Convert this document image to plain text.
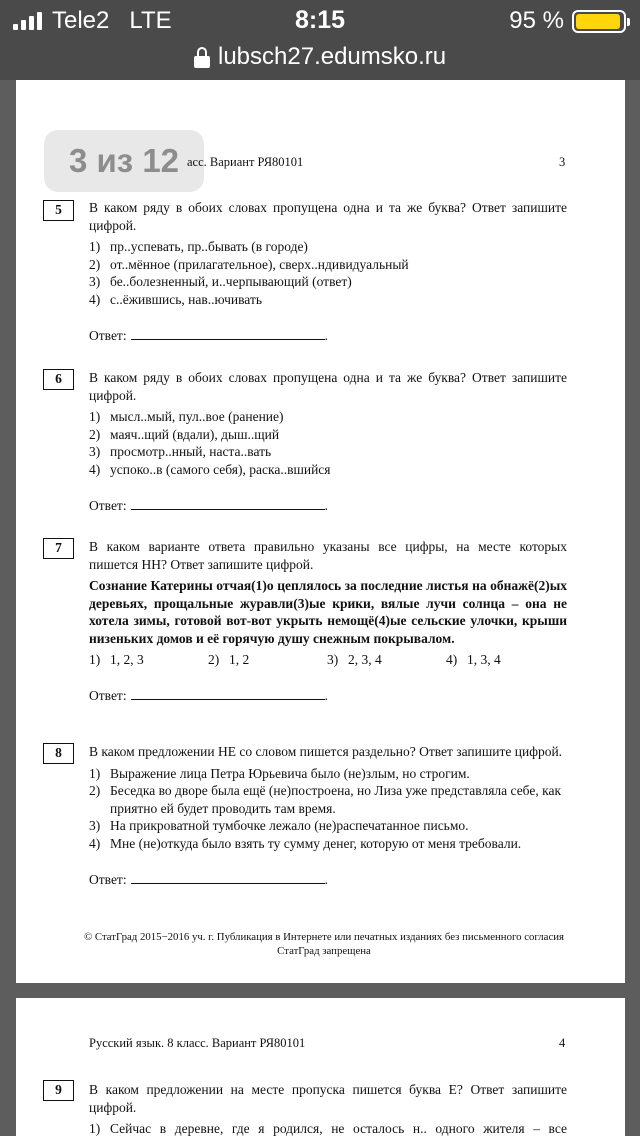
Tele2 LTE	8:15	95 %
lubsch27.edumsko.ru
3 из 12 асс. Вариант РЯ80101	3
5	В каком ряду в обоих словах пропущена одна и та же буква? Ответ запишите цифрой.
1) пр..успевать, пр..бывать (в городе)
2) от..мённое (прилагательное), сверх..ндивидуальный
3) бе..болезненный, и..черпывающий (ответ)
4) с..ёжившись, нав..ючивать
Ответ:	.
6	В каком ряду в обоих словах пропущена одна и та же буква? Ответ запишите цифрой.
1) мысл..мый, пул..вое (ранение)
2) маяч..щий (вдали), дыш..щий
3) просмотр..нный, наста..вать
4) успоко..в (самого себя), раска..вшийся
Ответ:	.
7	В каком варианте ответа правильно указаны все цифры, на месте которых пишется НН? Ответ запишите цифрой.
Сознание Катерины отчая(1)о цеплялось за последние листья на обнажё(2)ых деревьях, прощальные журавли(3)ые крики, вялые лучи солнца – она не хотела зимы, готовой вот-вот укрыть немощё(4)ые сельские улочки, крыши низеньких домов и её горячую душу снежным покрывалом.
1) 1, 2, 3	2) 1, 2	3) 2, 3, 4	4) 1, 3, 4
Ответ:	.
8	В каком предложении НЕ со словом пишется раздельно? Ответ запишите цифрой.
1) Выражение лица Петра Юрьевича было (не)злым, но строгим.
2) Беседка во дворе была ещё (не)построена, но Лиза уже представляла себе, как приятно ей будет проводить там время.
3) На прикроватной тумбочке лежало (не)распечатанное письмо.
4) Мне (не)откуда было взять ту сумму денег, которую от меня требовали.
Ответ:	.
© СтатГрад 2015−2016 уч. г. Публикация в Интернете или печатных изданиях без письменного согласия СтатГрад запрещена
Русский язык. 8 класс. Вариант РЯ80101	4
9	В каком предложении на месте пропуска пишется буква Е? Ответ запишите цифрой.
1) Сейчас в деревне, где я родился, не осталось н.. одного жителя – все
